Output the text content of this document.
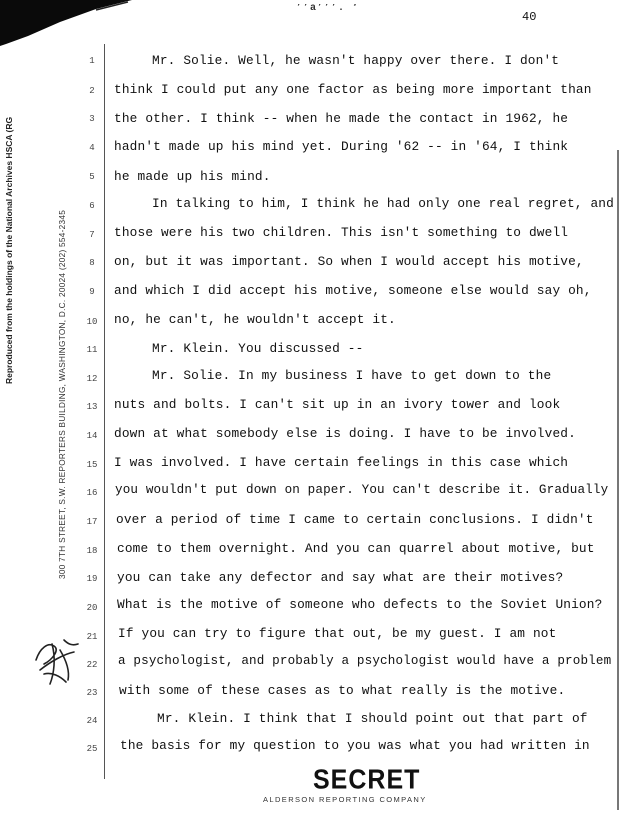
’’a’’’. ‘
40
Reproduced from the holdings of the National Archives HSCA (RG	300 7TH STREET, S.W. REPORTERS BUILDING, WASHINGTON, D.C. 20024 (202) 554-2345
1
2
3
4
5
6
7
8
9
10
11
12
13
14
15
16
17
18
19
20
21
22
23
24
25
Mr. Solie. Well, he wasn't happy over there. I don't
think I could put any one factor as being more important than
the other. I think -- when he made the contact in 1962, he
hadn't made up his mind yet. During '62 -- in '64, I think
he made up his mind.
In talking to him, I think he had only one real regret, and
those were his two children. This isn't something to dwell
on, but it was important. So when I would accept his motive,
and which I did accept his motive, someone else would say oh,
no, he can't, he wouldn't accept it.
Mr. Klein. You discussed --
Mr. Solie. In my business I have to get down to the
nuts and bolts. I can't sit up in an ivory tower and look
down at what somebody else is doing. I have to be involved.
I was involved. I have certain feelings in this case which
you wouldn't put down on paper. You can't describe it. Gradually
over a period of time I came to certain conclusions. I didn't
come to them overnight. And you can quarrel about motive, but
you can take any defector and say what are their motives?
What is the motive of someone who defects to the Soviet Union?
If you can try to figure that out, be my guest. I am not
a psychologist, and probably a psychologist would have a problem
with some of these cases as to what really is the motive.
Mr. Klein. I think that I should point out that part of
the basis for my question to you was what you had written in
SECRET
ALDERSON REPORTING COMPANY
